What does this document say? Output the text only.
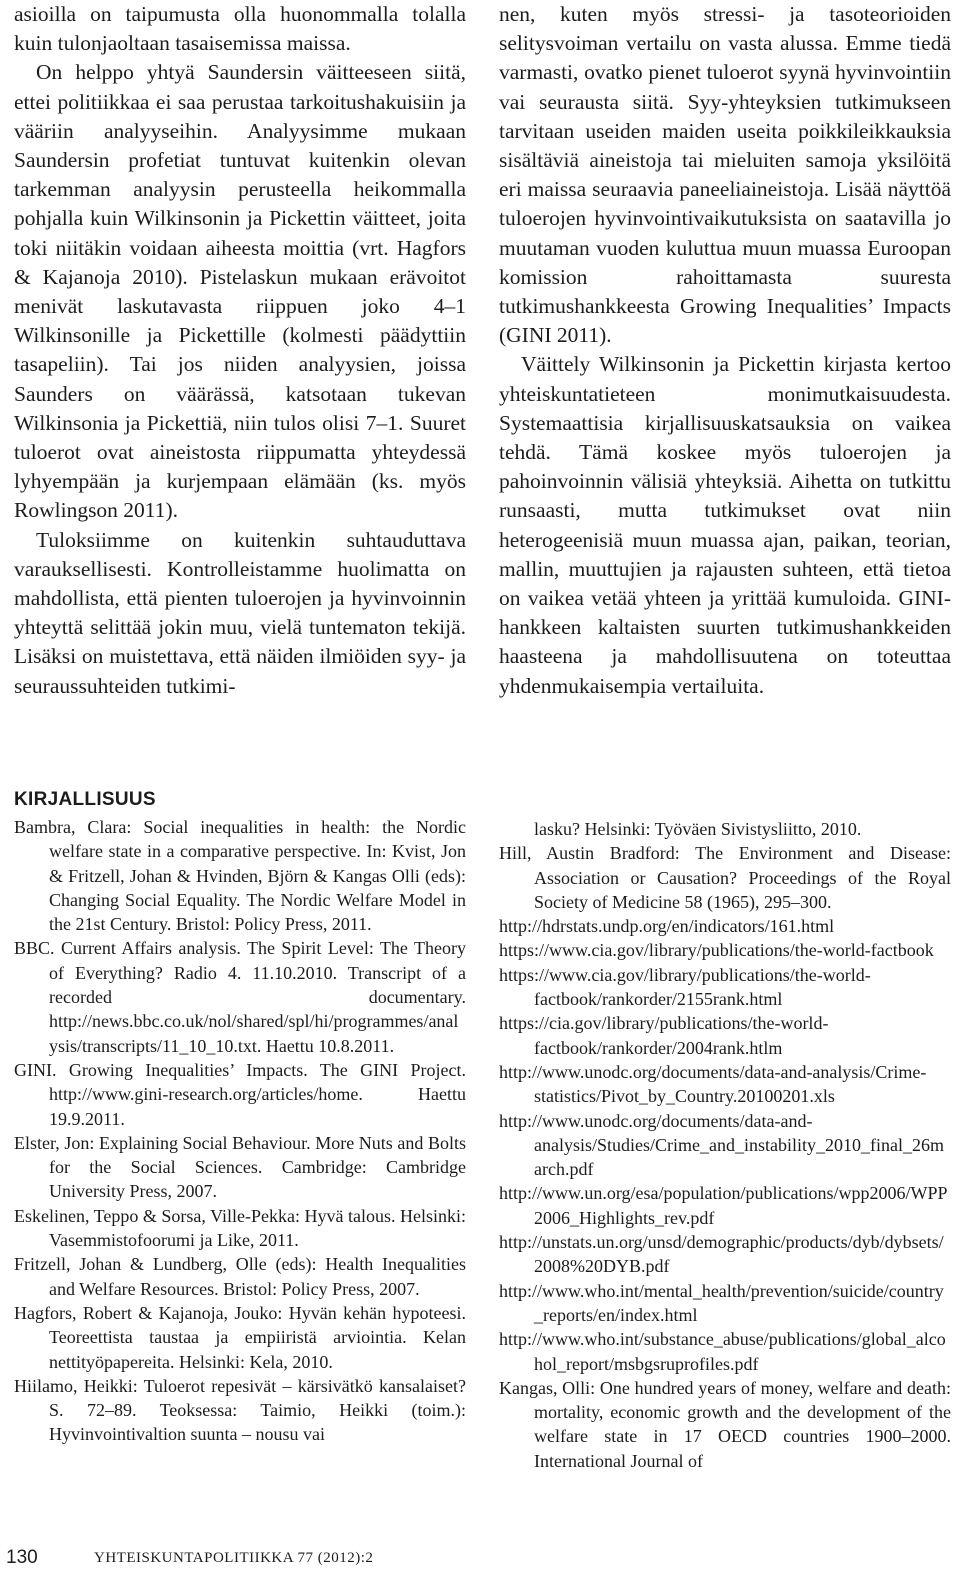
asioilla on taipumusta olla huonommalla tolalla kuin tulonjaoltaan tasaisemissa maissa.

On helppo yhtyä Saundersin väitteeseen siitä, ettei politiikkaa ei saa perustaa tarkoitushakuisiin ja vääriin analyyseihin. Analyysimme mukaan Saundersin profetiat tuntuvat kuitenkin olevan tarkemman analyysin perusteella heikommalla pohjalla kuin Wilkinsonin ja Pickettin väitteet, joita toki niitäkin voidaan aiheesta moittia (vrt. Hagfors & Kajanoja 2010). Pistelaskun mukaan erävoitot menivät laskutavasta riippuen joko 4–1 Wilkinsonille ja Pickettille (kolmesti päädyttiin tasapeliin). Tai jos niiden analyysien, joissa Saunders on väärässä, katsotaan tukevan Wilkinsonia ja Pickettiä, niin tulos olisi 7–1. Suuret tuloerot ovat aineistosta riippumatta yhteydessä lyhyempään ja kurjempaan elämään (ks. myös Rowlingson 2011).

Tuloksiimme on kuitenkin suhtauduttava varauksellisesti. Kontrolleistamme huolimatta on mahdollista, että pienten tuloerojen ja hyvinvoinnin yhteyttä selittää jokin muu, vielä tuntematon tekijä. Lisäksi on muistettava, että näiden ilmiöiden syy- ja seuraussuhteiden tutkimi-

nen, kuten myös stressi- ja tasoteorioiden selitysvoiman vertailu on vasta alussa. Emme tiedä varmasti, ovatko pienet tuloerot syynä hyvinvointiin vai seurausta siitä. Syy-yhteyksien tutkimukseen tarvitaan useiden maiden useita poikkileikkauksia sisältäviä aineistoja tai mieluiten samoja yksilöitä eri maissa seuraavia paneeliaineistoja. Lisää näyttöä tuloerojen hyvinvointivaikutuksista on saatavilla jo muutaman vuoden kuluttua muun muassa Euroopan komission rahoittamasta suuresta tutkimushankkeesta Growing Inequalities’ Impacts (GINI 2011).

Väittely Wilkinsonin ja Pickettin kirjasta kertoo yhteiskuntatieteen monimutkaisuudesta. Systemaattisia kirjallisuuskatsauksia on vaikea tehdä. Tämä koskee myös tuloerojen ja pahoinvoinnin välisiä yhteyksiä. Aihetta on tutkittu runsaasti, mutta tutkimukset ovat niin heterogeenisiä muun muassa ajan, paikan, teorian, mallin, muuttujien ja rajausten suhteen, että tietoa on vaikea vetää yhteen ja yrittää kumuloida. GINI-hankkeen kaltaisten suurten tutkimushankkeiden haasteena ja mahdollisuutena on toteuttaa yhdenmukaisempia vertailuita.

KIRJALLISUUS
Bambra, Clara: Social inequalities in health: the Nordic welfare state in a comparative perspective. In: Kvist, Jon & Fritzell, Johan & Hvinden, Björn & Kangas Olli (eds): Changing Social Equality. The Nordic Welfare Model in the 21st Century. Bristol: Policy Press, 2011.
BBC. Current Affairs analysis. The Spirit Level: The Theory of Everything? Radio 4. 11.10.2010. Transcript of a recorded documentary. http://news.bbc.co.uk/nol/shared/spl/hi/programmes/analysis/transcripts/11_10_10.txt. Haettu 10.8.2011.
GINI. Growing Inequalities’ Impacts. The GINI Project. http://www.gini-research.org/articles/home. Haettu 19.9.2011.
Elster, Jon: Explaining Social Behaviour. More Nuts and Bolts for the Social Sciences. Cambridge: Cambridge University Press, 2007.
Eskelinen, Teppo & Sorsa, Ville-Pekka: Hyvä talous. Helsinki: Vasemmistofoorumi ja Like, 2011.
Fritzell, Johan & Lundberg, Olle (eds): Health Inequalities and Welfare Resources. Bristol: Policy Press, 2007.
Hagfors, Robert & Kajanoja, Jouko: Hyvän kehän hypoteesi. Teoreettista taustaa ja empiiristä arviointia. Kelan nettityöpapereita. Helsinki: Kela, 2010.
Hiilamo, Heikki: Tuloerot repesivät – kärsivätkö kansalaiset? S. 72–89. Teoksessa: Taimio, Heikki (toim.): Hyvinvointivaltion suunta – nousu vai
lasku? Helsinki: Työväen Sivistysliitto, 2010.
Hill, Austin Bradford: The Environment and Disease: Association or Causation? Proceedings of the Royal Society of Medicine 58 (1965), 295–300.
http://hdrstats.undp.org/en/indicators/161.html
https://www.cia.gov/library/publications/the-world-factbook
https://www.cia.gov/library/publications/the-world-factbook/rankorder/2155rank.html
https://cia.gov/library/publications/the-world-factbook/rankorder/2004rank.htlm
http://www.unodc.org/documents/data-and-analysis/Crime-statistics/Pivot_by_Country.20100201.xls
http://www.unodc.org/documents/data-and-analysis/Studies/Crime_and_instability_2010_final_26march.pdf
http://www.un.org/esa/population/publications/wpp2006/WPP2006_Highlights_rev.pdf
http://unstats.un.org/unsd/demographic/products/dyb/dybsets/2008%20DYB.pdf
http://www.who.int/mental_health/prevention/suicide/country_reports/en/index.html
http://www.who.int/substance_abuse/publications/global_alcohol_report/msbgsruprofiles.pdf
Kangas, Olli: One hundred years of money, welfare and death: mortality, economic growth and the development of the welfare state in 17 OECD countries 1900–2000. International Journal of
130	YHTEISKUNTAPOLITIIKKA 77 (2012):2
